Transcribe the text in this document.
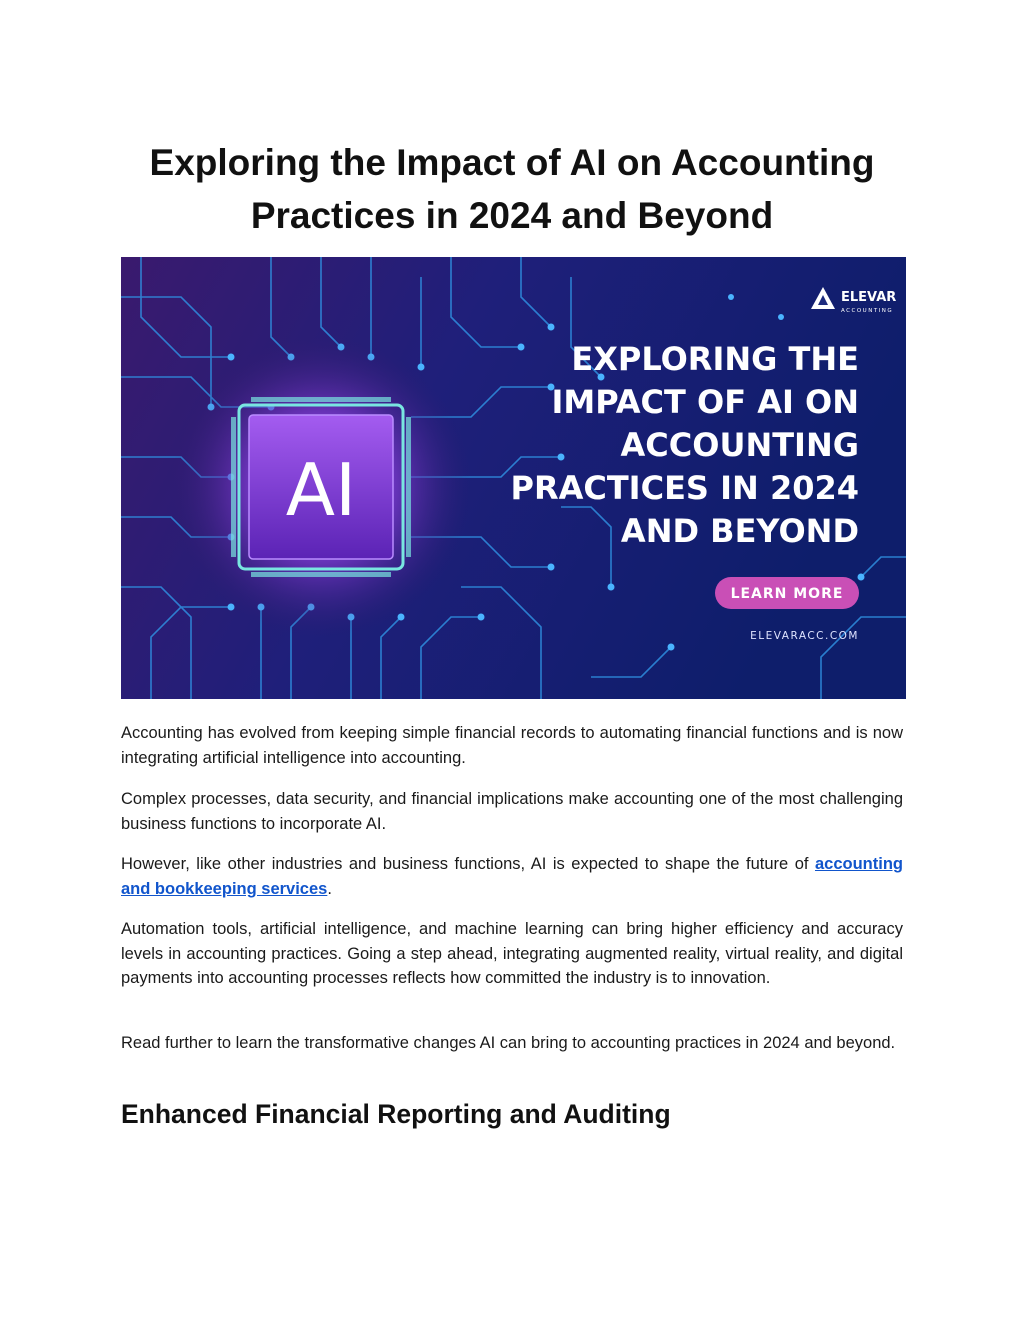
Exploring the Impact of AI on Accounting Practices in 2024 and Beyond
AI
ELEVAR
ACCOUNTING
EXPLORING THE
IMPACT OF AI ON
ACCOUNTING
PRACTICES IN 2024
AND BEYOND
LEARN MORE
ELEVARACC.COM

Accounting has evolved from keeping simple financial records to automating financial functions and is now integrating artificial intelligence into accounting.

Complex processes, data security, and financial implications make accounting one of the most challenging business functions to incorporate AI.

However, like other industries and business functions, AI is expected to shape the future of accounting and bookkeeping services.

Automation tools, artificial intelligence, and machine learning can bring higher efficiency and accuracy levels in accounting practices. Going a step ahead, integrating augmented reality, virtual reality, and digital payments into accounting processes reflects how committed the industry is to innovation.

Read further to learn the transformative changes AI can bring to accounting practices in 2024 and beyond.

Enhanced Financial Reporting and Auditing
